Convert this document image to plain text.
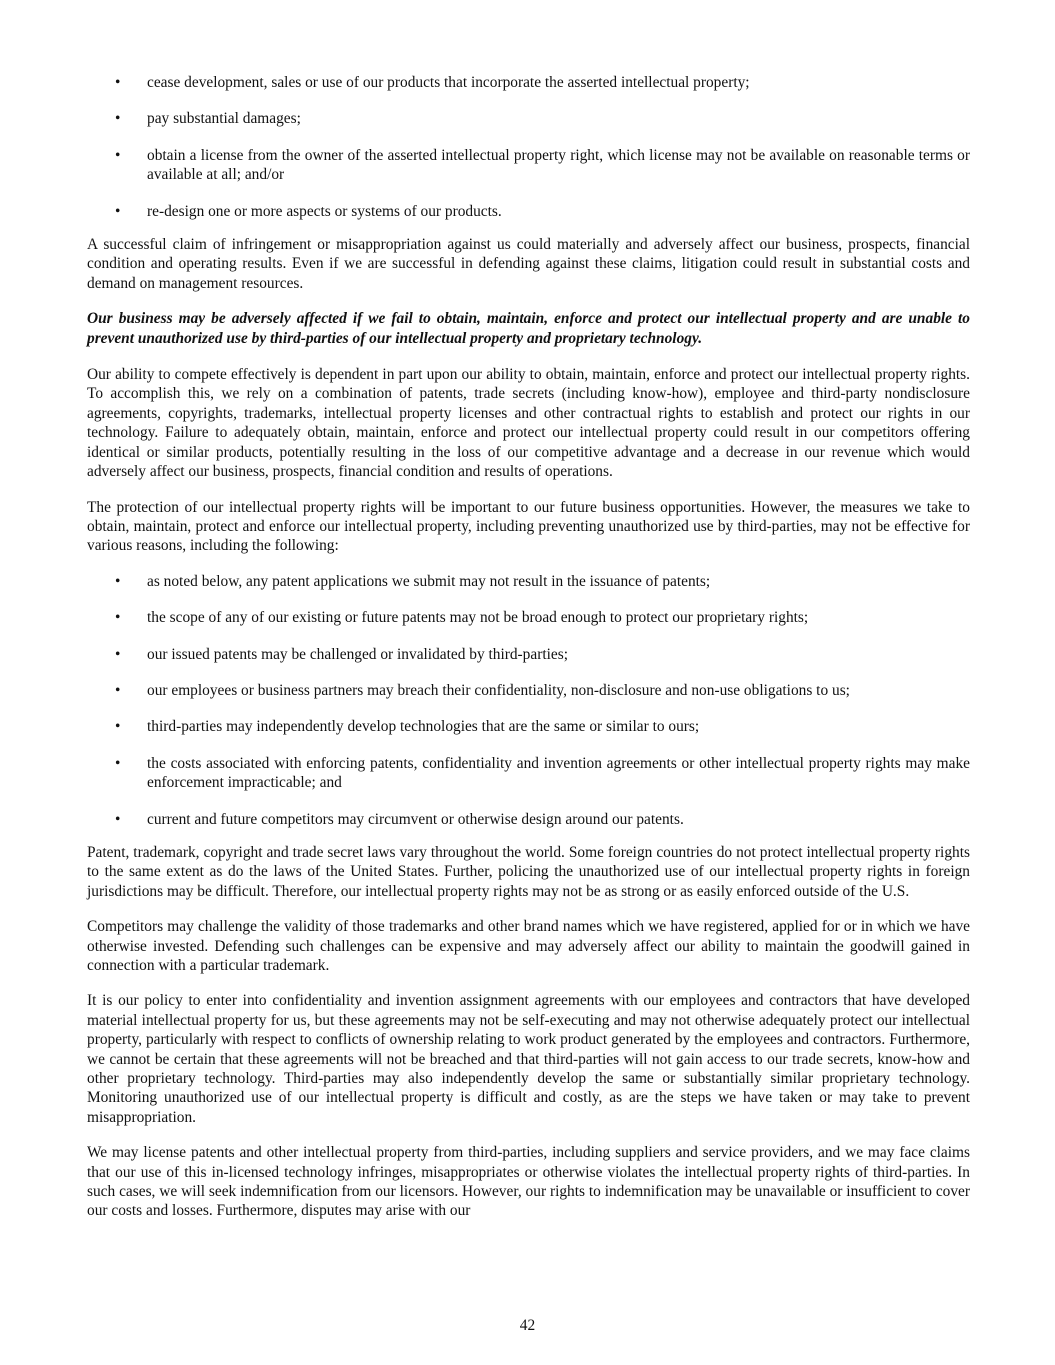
• cease development, sales or use of our products that incorporate the asserted intellectual property;
• pay substantial damages;
• obtain a license from the owner of the asserted intellectual property right, which license may not be available on reasonable terms or available at all; and/or
• re-design one or more aspects or systems of our products.

A successful claim of infringement or misappropriation against us could materially and adversely affect our business, prospects, financial condition and operating results. Even if we are successful in defending against these claims, litigation could result in substantial costs and demand on management resources.

Our business may be adversely affected if we fail to obtain, maintain, enforce and protect our intellectual property and are unable to prevent unauthorized use by third-parties of our intellectual property and proprietary technology.

Our ability to compete effectively is dependent in part upon our ability to obtain, maintain, enforce and protect our intellectual property rights. To accomplish this, we rely on a combination of patents, trade secrets (including know-how), employee and third-party nondisclosure agreements, copyrights, trademarks, intellectual property licenses and other contractual rights to establish and protect our rights in our technology. Failure to adequately obtain, maintain, enforce and protect our intellectual property could result in our competitors offering identical or similar products, potentially resulting in the loss of our competitive advantage and a decrease in our revenue which would adversely affect our business, prospects, financial condition and results of operations.

The protection of our intellectual property rights will be important to our future business opportunities. However, the measures we take to obtain, maintain, protect and enforce our intellectual property, including preventing unauthorized use by third-parties, may not be effective for various reasons, including the following:

• as noted below, any patent applications we submit may not result in the issuance of patents;
• the scope of any of our existing or future patents may not be broad enough to protect our proprietary rights;
• our issued patents may be challenged or invalidated by third-parties;
• our employees or business partners may breach their confidentiality, non-disclosure and non-use obligations to us;
• third-parties may independently develop technologies that are the same or similar to ours;
• the costs associated with enforcing patents, confidentiality and invention agreements or other intellectual property rights may make enforcement impracticable; and
• current and future competitors may circumvent or otherwise design around our patents.

Patent, trademark, copyright and trade secret laws vary throughout the world. Some foreign countries do not protect intellectual property rights to the same extent as do the laws of the United States. Further, policing the unauthorized use of our intellectual property rights in foreign jurisdictions may be difficult. Therefore, our intellectual property rights may not be as strong or as easily enforced outside of the U.S.

Competitors may challenge the validity of those trademarks and other brand names which we have registered, applied for or in which we have otherwise invested. Defending such challenges can be expensive and may adversely affect our ability to maintain the goodwill gained in connection with a particular trademark.

It is our policy to enter into confidentiality and invention assignment agreements with our employees and contractors that have developed material intellectual property for us, but these agreements may not be self-executing and may not otherwise adequately protect our intellectual property, particularly with respect to conflicts of ownership relating to work product generated by the employees and contractors. Furthermore, we cannot be certain that these agreements will not be breached and that third-parties will not gain access to our trade secrets, know-how and other proprietary technology. Third-parties may also independently develop the same or substantially similar proprietary technology. Monitoring unauthorized use of our intellectual property is difficult and costly, as are the steps we have taken or may take to prevent misappropriation.

We may license patents and other intellectual property from third-parties, including suppliers and service providers, and we may face claims that our use of this in-licensed technology infringes, misappropriates or otherwise violates the intellectual property rights of third-parties. In such cases, we will seek indemnification from our licensors. However, our rights to indemnification may be unavailable or insufficient to cover our costs and losses. Furthermore, disputes may arise with our

42
